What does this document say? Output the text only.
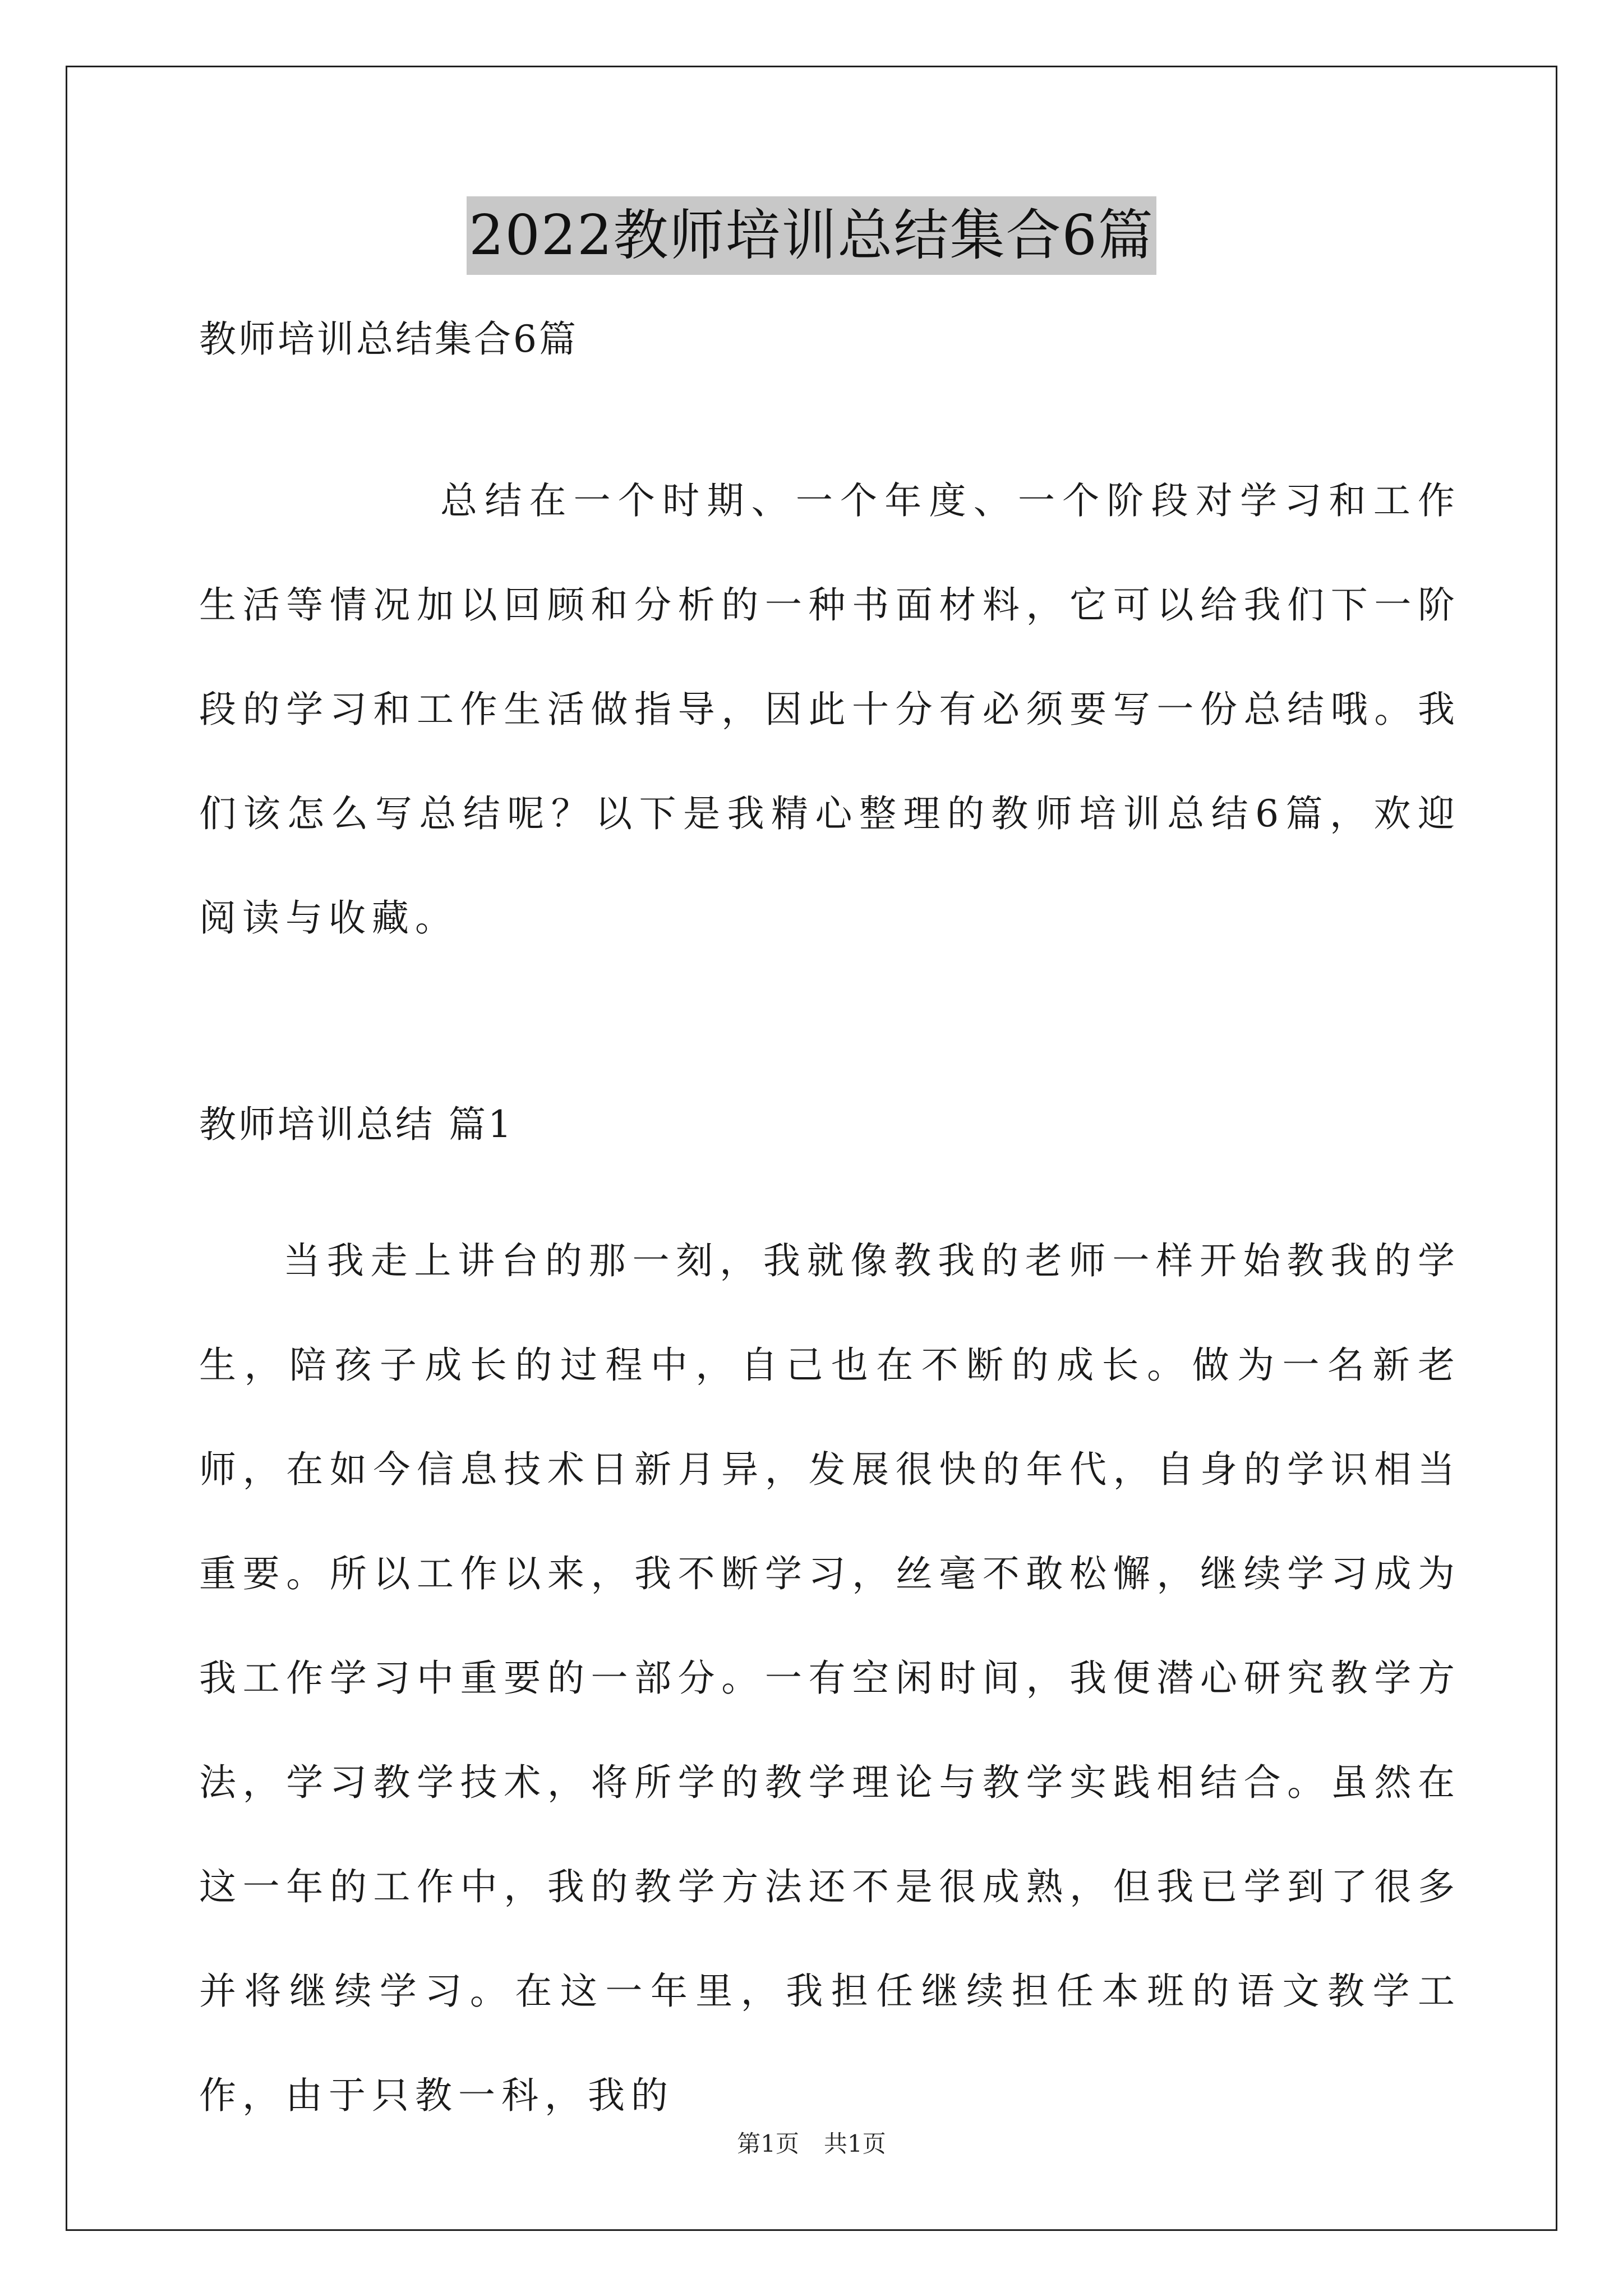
2022教师培训总结集合6篇
教师培训总结集合6篇

总结在一个时期、一个年度、一个阶段对学习和工作生活等情况加以回顾和分析的一种书面材料，它可以给我们下一阶段的学习和工作生活做指导，因此十分有必须要写一份总结哦。我们该怎么写总结呢？以下是我精心整理的教师培训总结6篇，欢迎阅读与收藏。

教师培训总结 篇1

当我走上讲台的那一刻，我就像教我的老师一样开始教我的学生，陪孩子成长的过程中，自己也在不断的成长。做为一名新老师，在如今信息技术日新月异，发展很快的年代，自身的学识相当重要。所以工作以来，我不断学习，丝毫不敢松懈，继续学习成为我工作学习中重要的一部分。一有空闲时间，我便潜心研究教学方法，学习教学技术，将所学的教学理论与教学实践相结合。虽然在这一年的工作中，我的教学方法还不是很成熟，但我已学到了很多并将继续学习。在这一年里，我担任继续担任本班的语文教学工作，由于只教一科，我的

第1页 共1页
